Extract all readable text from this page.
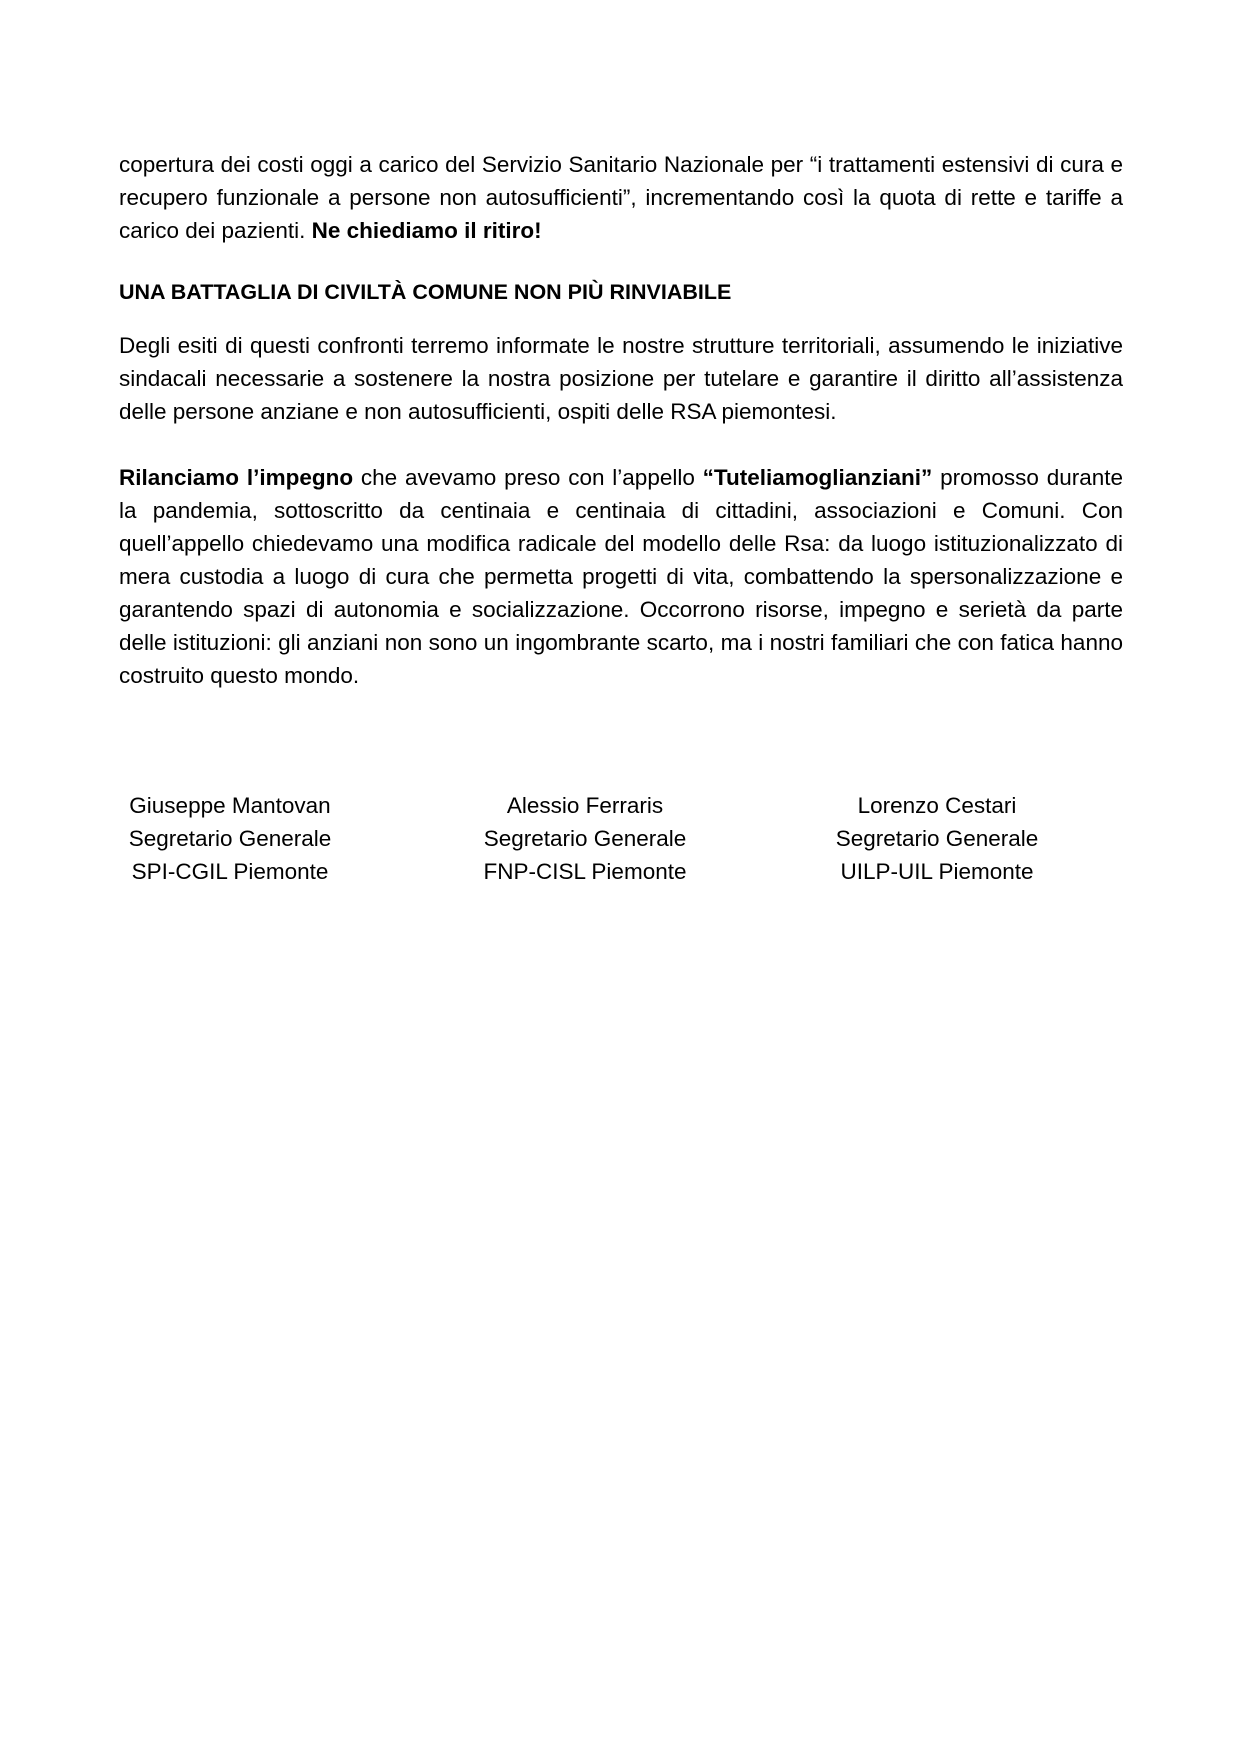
copertura dei costi oggi a carico del Servizio Sanitario Nazionale per “i trattamenti estensivi di cura e recupero funzionale a persone non autosufficienti”, incrementando così la quota di rette e tariffe a carico dei pazienti. Ne chiediamo il ritiro!

UNA BATTAGLIA DI CIVILTÀ COMUNE NON PIÙ RINVIABILE

Degli esiti di questi confronti terremo informate le nostre strutture territoriali, assumendo le iniziative sindacali necessarie a sostenere la nostra posizione per tutelare e garantire il diritto all’assistenza delle persone anziane e non autosufficienti, ospiti delle RSA piemontesi.

Rilanciamo l’impegno che avevamo preso con l’appello “Tuteliamoglianziani” promosso durante la pandemia, sottoscritto da centinaia e centinaia di cittadini, associazioni e Comuni. Con quell’appello chiedevamo una modifica radicale del modello delle Rsa: da luogo istituzionalizzato di mera custodia a luogo di cura che permetta progetti di vita, combattendo la spersonalizzazione e garantendo spazi di autonomia e socializzazione. Occorrono risorse, impegno e serietà da parte delle istituzioni: gli anziani non sono un ingombrante scarto, ma i nostri familiari che con fatica hanno costruito questo mondo.

Giuseppe Mantovan
Segretario Generale
SPI-CGIL Piemonte
Alessio Ferraris
Segretario Generale
FNP-CISL Piemonte
Lorenzo Cestari
Segretario Generale
UILP-UIL Piemonte
